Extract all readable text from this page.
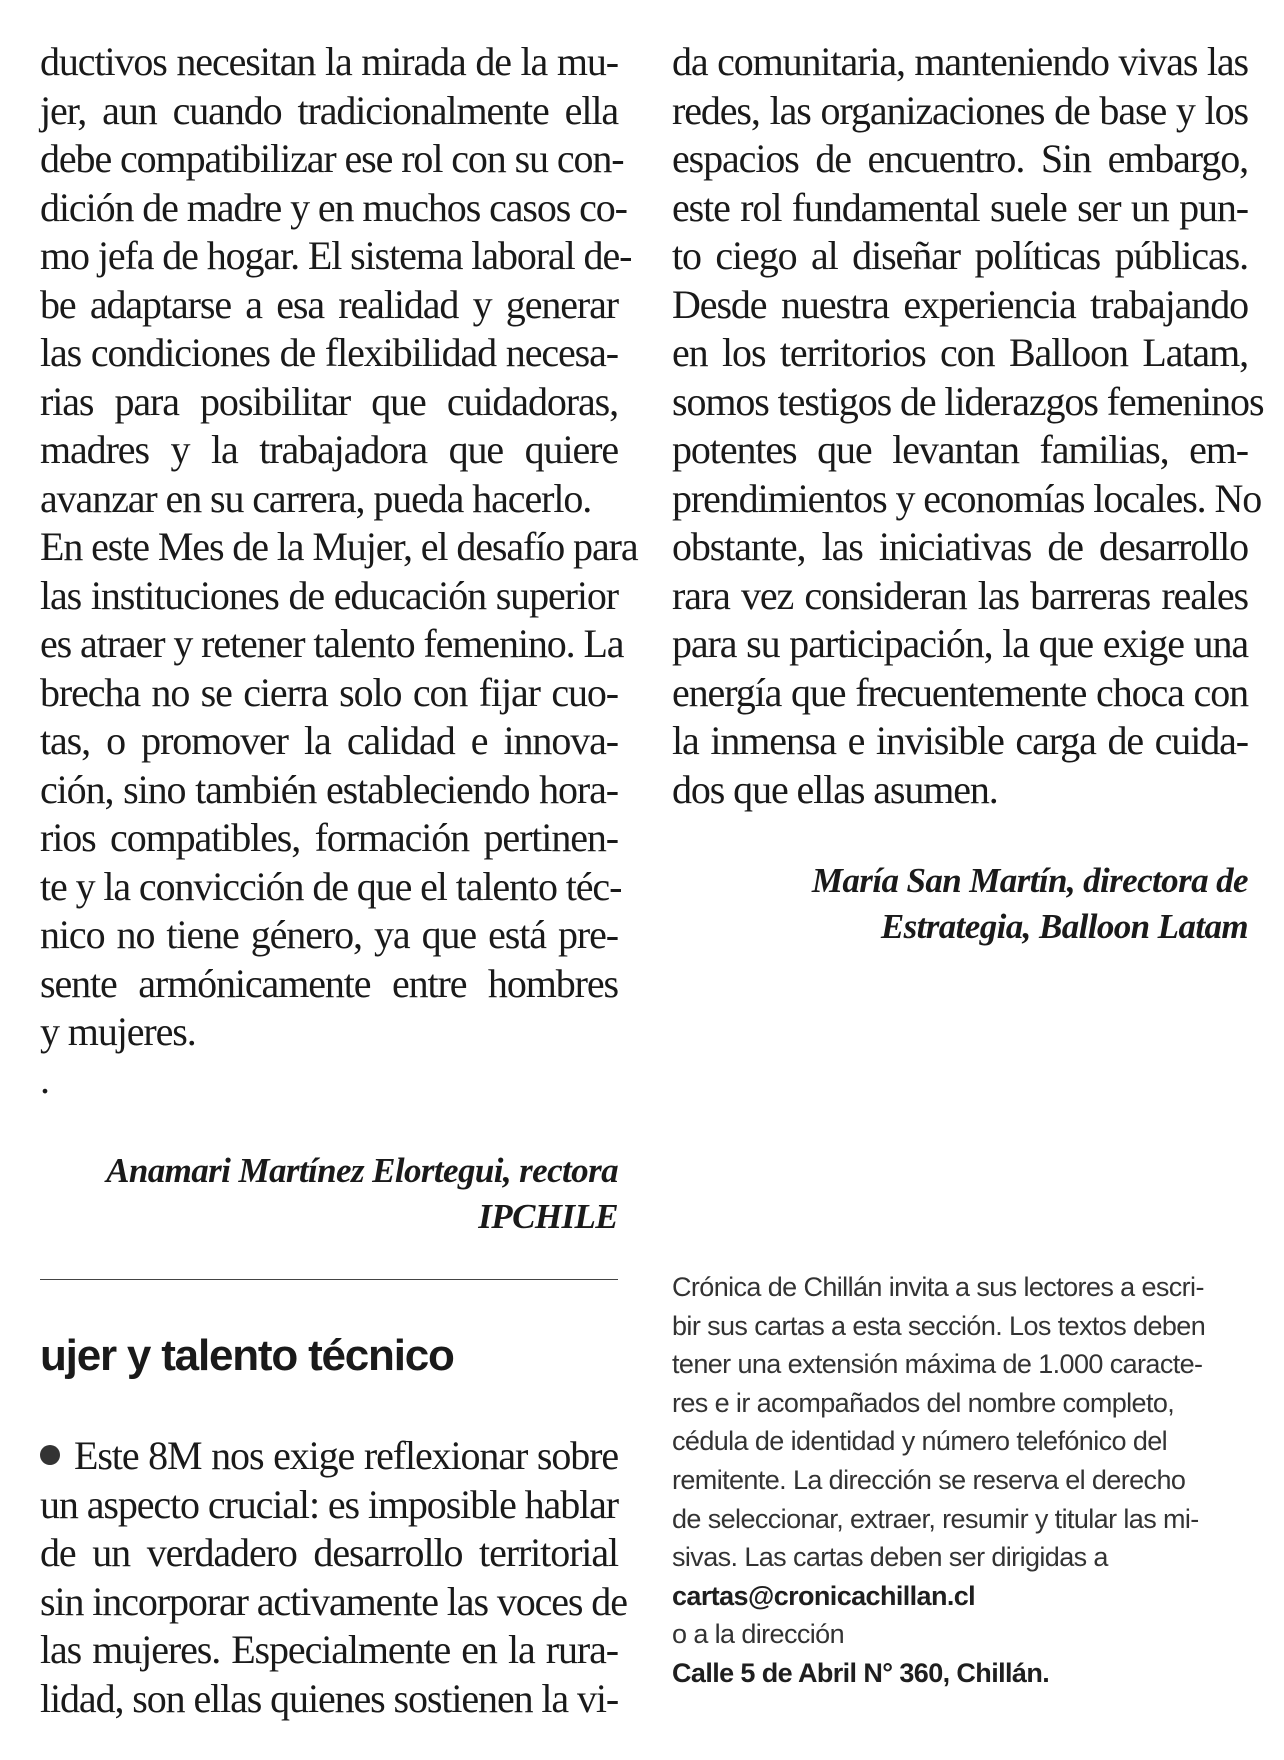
ductivos necesitan la mirada de la mu-
jer, aun cuando tradicionalmente ella
debe compatibilizar ese rol con su con-
dición de madre y en muchos casos co-
mo jefa de hogar. El sistema laboral de-
be adaptarse a esa realidad y generar
las condiciones de flexibilidad necesa-
rias para posibilitar que cuidadoras,
madres y la trabajadora que quiere
avanzar en su carrera, pueda hacerlo.
En este Mes de la Mujer, el desafío para
las instituciones de educación superior
es atraer y retener talento femenino. La
brecha no se cierra solo con fijar cuo-
tas, o promover la calidad e innova-
ción, sino también estableciendo hora-
rios compatibles, formación pertinen-
te y la convicción de que el talento téc-
nico no tiene género, ya que está pre-
sente armónicamente entre hombres
y mujeres.
.
Anamari Martínez Elortegui, rectora
IPCHILE
ujer y talento técnico
Este 8M nos exige reflexionar sobre
un aspecto crucial: es imposible hablar
de un verdadero desarrollo territorial
sin incorporar activamente las voces de
las mujeres. Especialmente en la rura-
lidad, son ellas quienes sostienen la vi-
da comunitaria, manteniendo vivas las
redes, las organizaciones de base y los
espacios de encuentro. Sin embargo,
este rol fundamental suele ser un pun-
to ciego al diseñar políticas públicas.
Desde nuestra experiencia trabajando
en los territorios con Balloon Latam,
somos testigos de liderazgos femeninos
potentes que levantan familias, em-
prendimientos y economías locales. No
obstante, las iniciativas de desarrollo
rara vez consideran las barreras reales
para su participación, la que exige una
energía que frecuentemente choca con
la inmensa e invisible carga de cuida-
dos que ellas asumen.
María San Martín, directora de
Estrategia, Balloon Latam
Crónica de Chillán invita a sus lectores a escri-
bir sus cartas a esta sección. Los textos deben
tener una extensión máxima de 1.000 caracte-
res e ir acompañados del nombre completo,
cédula de identidad y número telefónico del
remitente. La dirección se reserva el derecho
de seleccionar, extraer, resumir y titular las mi-
sivas. Las cartas deben ser dirigidas a
cartas@cronicachillan.cl
o a la dirección
Calle 5 de Abril N° 360, Chillán.
